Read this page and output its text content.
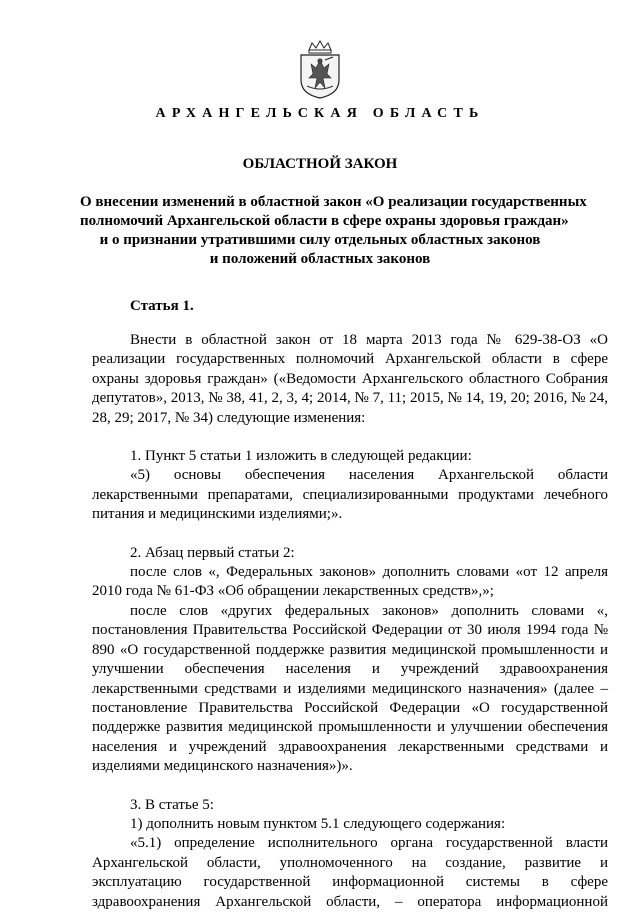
АРХАНГЕЛЬСКАЯ ОБЛАСТЬ
ОБЛАСТНОЙ ЗАКОН
О внесении изменений в областной закон «О реализации государственных
полномочий Архангельской области в сфере охраны здоровья граждан»
и о признании утратившими силу отдельных областных законов
и положений областных законов
Статья 1.

Внести в областной закон от 18 марта 2013 года № 629-38-ОЗ «О реализации государственных полномочий Архангельской области в сфере охраны здоровья граждан» («Ведомости Архангельского областного Собрания депутатов», 2013, № 38, 41, 2, 3, 4; 2014, № 7, 11; 2015, № 14, 19, 20; 2016, № 24, 28, 29; 2017, № 34) следующие изменения:

1. Пункт 5 статьи 1 изложить в следующей редакции:

«5) основы обеспечения населения Архангельской области лекарственными препаратами, специализированными продуктами лечебного питания и медицинскими изделиями;».

2. Абзац первый статьи 2:

после слов «, Федеральных законов» дополнить словами «от 12 апреля 2010 года № 61-ФЗ «Об обращении лекарственных средств»,»;

после слов «других федеральных законов» дополнить словами «, постановления Правительства Российской Федерации от 30 июля 1994 года № 890 «О государственной поддержке развития медицинской промышленности и улучшении обеспечения населения и учреждений здравоохранения лекарственными средствами и изделиями медицинского назначения» (далее – постановление Правительства Российской Федерации «О государственной поддержке развития медицинской промышленности и улучшении обеспечения населения и учреждений здравоохранения лекарственными средствами и изделиями медицинского назначения»)».

3. В статье 5:

1) дополнить новым пунктом 5.1 следующего содержания:

«5.1) определение исполнительного органа государственной власти Архангельской области, уполномоченного на создание, развитие и эксплуатацию государственной информационной системы в сфере здравоохранения Архангельской области, – оператора информационной
